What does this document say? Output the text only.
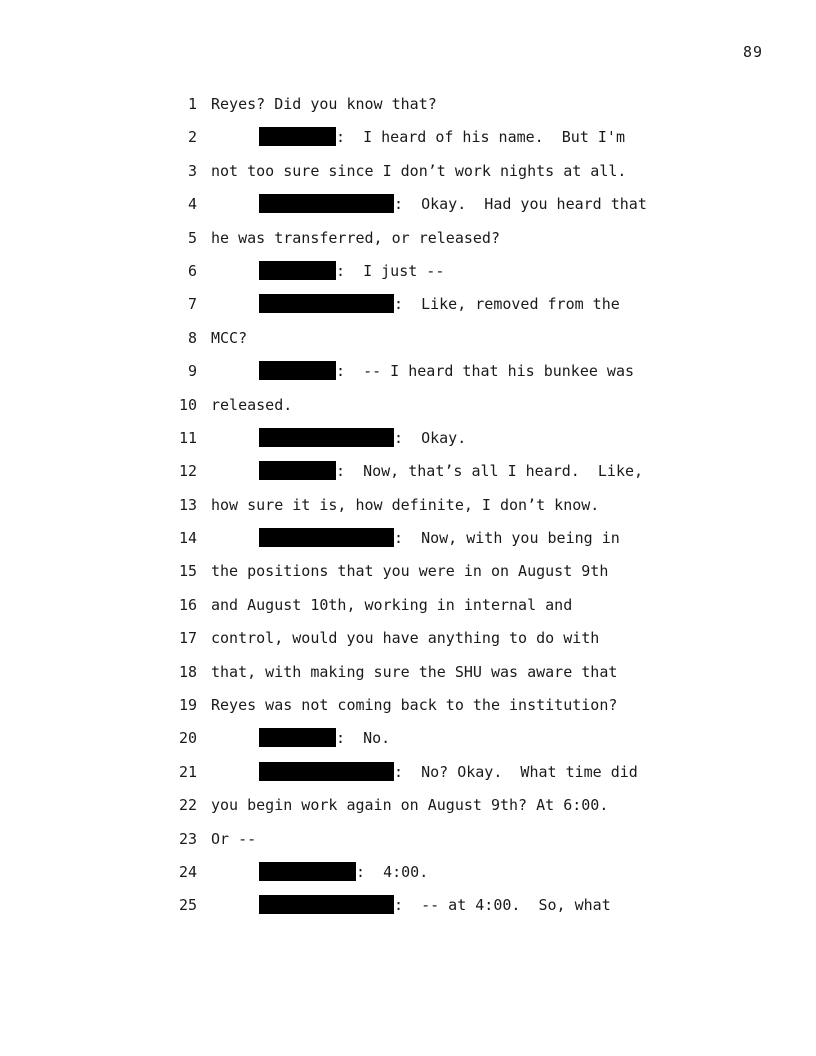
89
1 Reyes? Did you know that?
2	:  I heard of his name.  But I'm
3 not too sure since I don’t work nights at all.
4	:  Okay.  Had you heard that
5 he was transferred, or released?
6	:  I just --
7	:  Like, removed from the
8 MCC?
9	:  -- I heard that his bunkee was
10 released.
11	:  Okay.
12	:  Now, that’s all I heard.  Like,
13 how sure it is, how definite, I don’t know.
14	:  Now, with you being in
15 the positions that you were in on August 9th
16 and August 10th, working in internal and
17 control, would you have anything to do with
18 that, with making sure the SHU was aware that
19 Reyes was not coming back to the institution?
20	:  No.
21	:  No? Okay.  What time did
22 you begin work again on August 9th? At 6:00.
23 Or --
24	:  4:00.
25	:  -- at 4:00.  So, what
